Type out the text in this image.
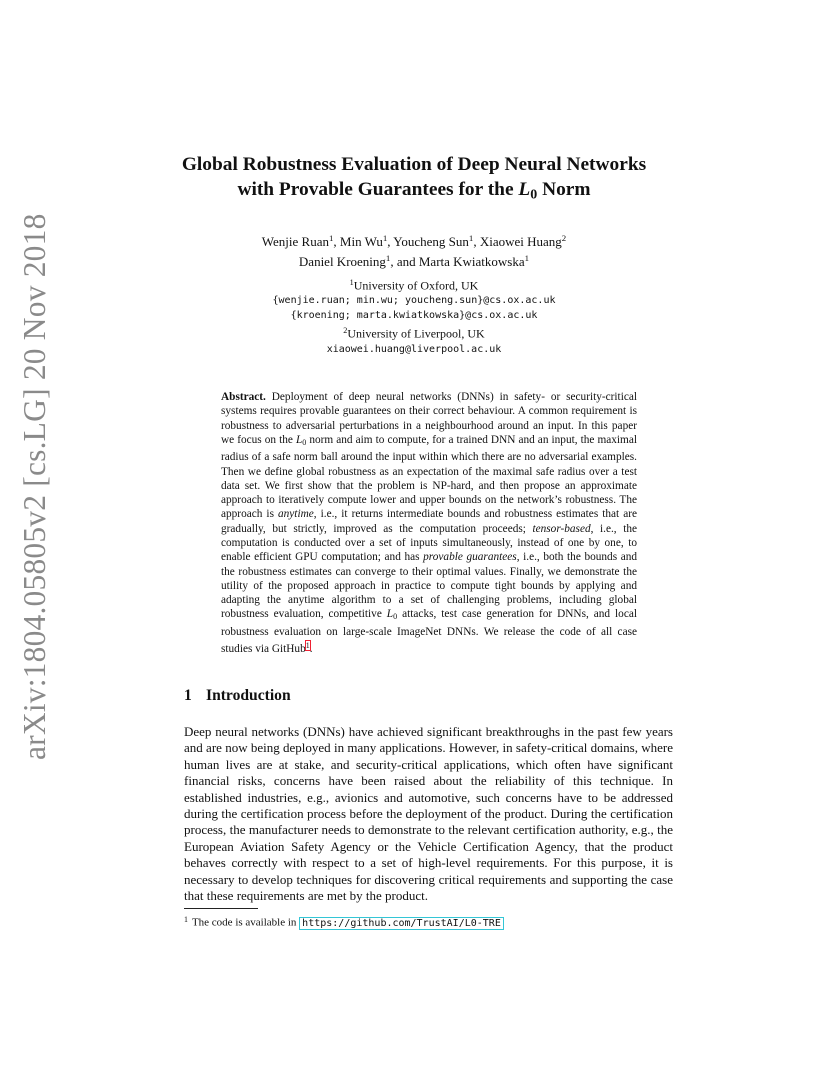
arXiv:1804.05805v2 [cs.LG] 20 Nov 2018
Global Robustness Evaluation of Deep Neural Networks
with Provable Guarantees for the $L_0$ Norm
Wenjie Ruan$^1$, Min Wu$^1$, Youcheng Sun$^1$, Xiaowei Huang$^2$
Daniel Kroening$^1$, and Marta Kwiatkowska$^1$
$^1$University of Oxford, UK
{wenjie.ruan; min.wu; youcheng.sun}@cs.ox.ac.uk
{kroening; marta.kwiatkowska}@cs.ox.ac.uk
$^2$University of Liverpool, UK
xiaowei.huang@liverpool.ac.uk
Abstract. Deployment of deep neural networks (DNNs) in safety- or security-critical systems requires provable guarantees on their correct behaviour. A common requirement is robustness to adversarial perturbations in a neighbourhood around an input. In this paper we focus on the $L_0$ norm and aim to compute, for a trained DNN and an input, the maximal radius of a safe norm ball around the input within which there are no adversarial examples. Then we define global robustness as an expectation of the maximal safe radius over a test data set. We first show that the problem is NP-hard, and then propose an approximate approach to iteratively compute lower and upper bounds on the network’s robustness. The approach is anytime, i.e., it returns intermediate bounds and robustness estimates that are gradually, but strictly, improved as the computation proceeds; tensor-based, i.e., the computation is conducted over a set of inputs simultaneously, instead of one by one, to enable efficient GPU computation; and has provable guarantees, i.e., both the bounds and the robustness estimates can converge to their optimal values. Finally, we demonstrate the utility of the proposed approach in practice to compute tight bounds by applying and adapting the anytime algorithm to a set of challenging problems, including global robustness evaluation, competitive $L_0$ attacks, test case generation for DNNs, and local robustness evaluation on large-scale ImageNet DNNs. We release the code of all case studies via GitHub$^1$.
1 Introduction
Deep neural networks (DNNs) have achieved significant breakthroughs in the past few years and are now being deployed in many applications. However, in safety-critical domains, where human lives are at stake, and security-critical applications, which often have significant financial risks, concerns have been raised about the reliability of this technique. In established industries, e.g., avionics and automotive, such concerns have to be addressed during the certification process before the deployment of the product. During the certification process, the manufacturer needs to demonstrate to the relevant certification authority, e.g., the European Aviation Safety Agency or the Vehicle Certification Agency, that the product behaves correctly with respect to a set of high-level requirements. For this purpose, it is necessary to develop techniques for discovering critical requirements and supporting the case that these requirements are met by the product.
$^1$ The code is available in https://github.com/TrustAI/L0-TRE
